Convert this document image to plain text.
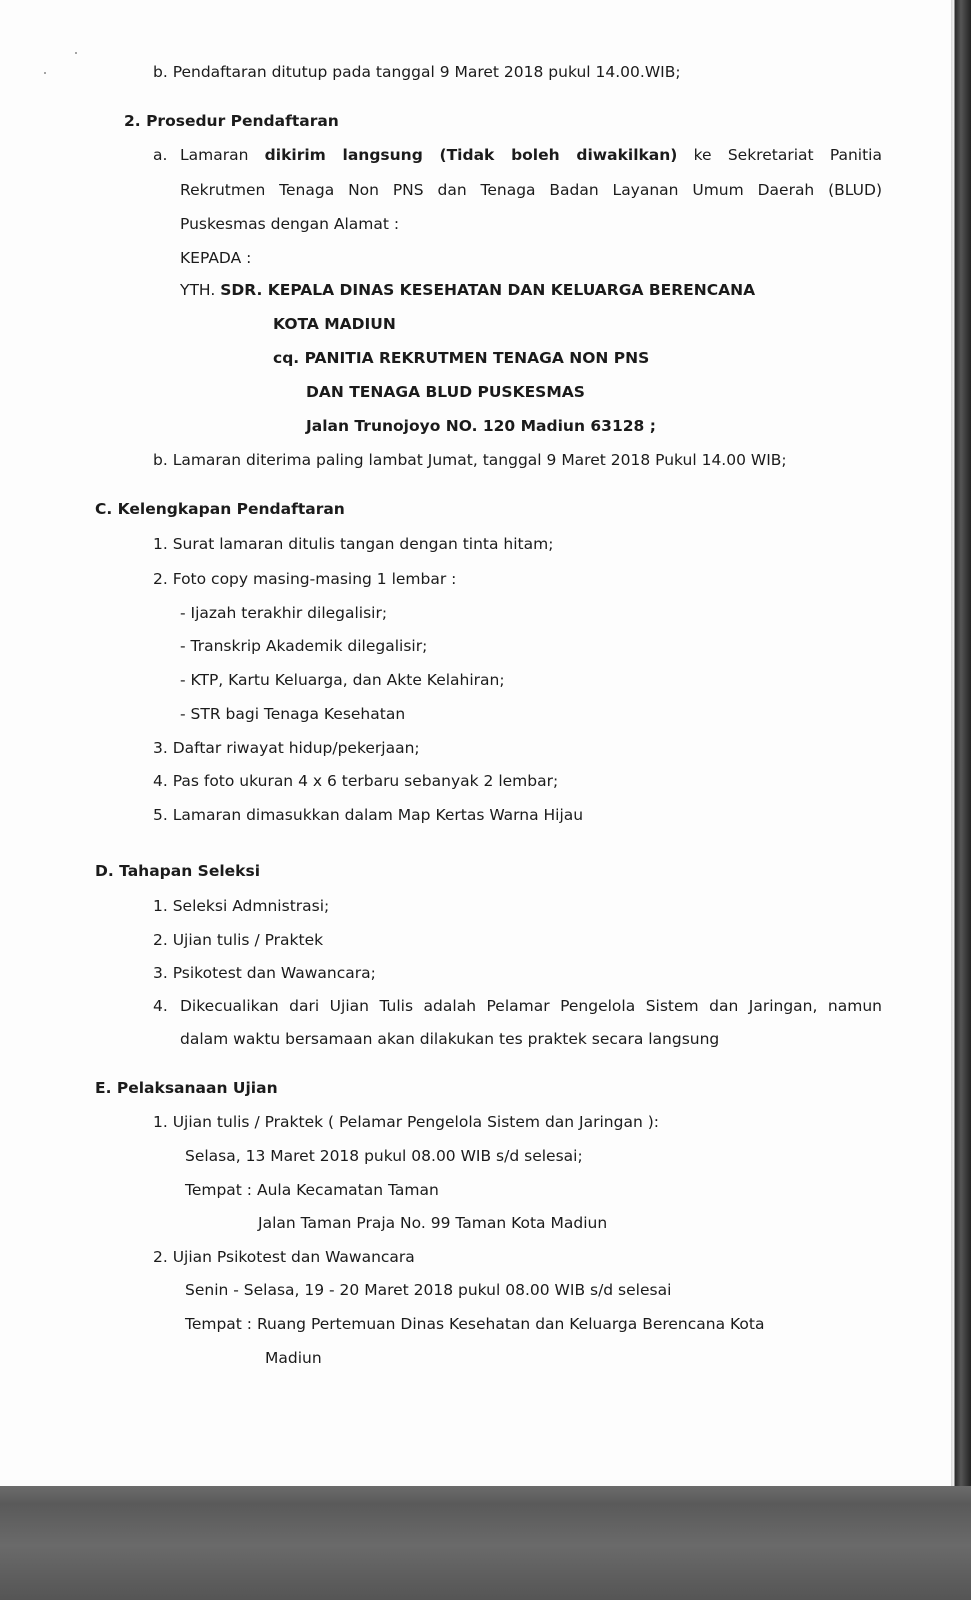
b. Pendaftaran ditutup pada tanggal 9 Maret 2018 pukul 14.00.WIB;
2. Prosedur Pendaftaran
a. Lamaran dikirim langsung (Tidak boleh diwakilkan) ke Sekretariat Panitia
Rekrutmen Tenaga Non PNS dan Tenaga Badan Layanan Umum Daerah (BLUD)
Puskesmas dengan Alamat :
KEPADA :
YTH. SDR. KEPALA DINAS KESEHATAN DAN KELUARGA BERENCANA
KOTA MADIUN
cq. PANITIA REKRUTMEN TENAGA NON PNS
DAN TENAGA BLUD PUSKESMAS
Jalan Trunojoyo NO. 120 Madiun 63128 ;
b. Lamaran diterima paling lambat Jumat, tanggal 9 Maret 2018 Pukul 14.00 WIB;
C. Kelengkapan Pendaftaran
1. Surat lamaran ditulis tangan dengan tinta hitam;
2. Foto copy masing-masing 1 lembar :
- Ijazah terakhir dilegalisir;
- Transkrip Akademik dilegalisir;
- KTP, Kartu Keluarga, dan Akte Kelahiran;
- STR bagi Tenaga Kesehatan
3. Daftar riwayat hidup/pekerjaan;
4. Pas foto ukuran 4 x 6 terbaru sebanyak 2 lembar;
5. Lamaran dimasukkan dalam Map Kertas Warna Hijau
D. Tahapan Seleksi
1. Seleksi Admnistrasi;
2. Ujian tulis / Praktek
3. Psikotest dan Wawancara;
4. Dikecualikan dari Ujian Tulis adalah Pelamar Pengelola Sistem dan Jaringan, namun
dalam waktu bersamaan akan dilakukan tes praktek secara langsung
E. Pelaksanaan Ujian
1. Ujian tulis / Praktek ( Pelamar Pengelola Sistem dan Jaringan ):
Selasa, 13 Maret 2018 pukul 08.00 WIB s/d selesai;
Tempat : Aula Kecamatan Taman
Jalan Taman Praja No. 99 Taman Kota Madiun
2. Ujian Psikotest dan Wawancara
Senin - Selasa, 19 - 20 Maret 2018 pukul 08.00 WIB s/d selesai
Tempat : Ruang Pertemuan Dinas Kesehatan dan Keluarga Berencana Kota
Madiun
